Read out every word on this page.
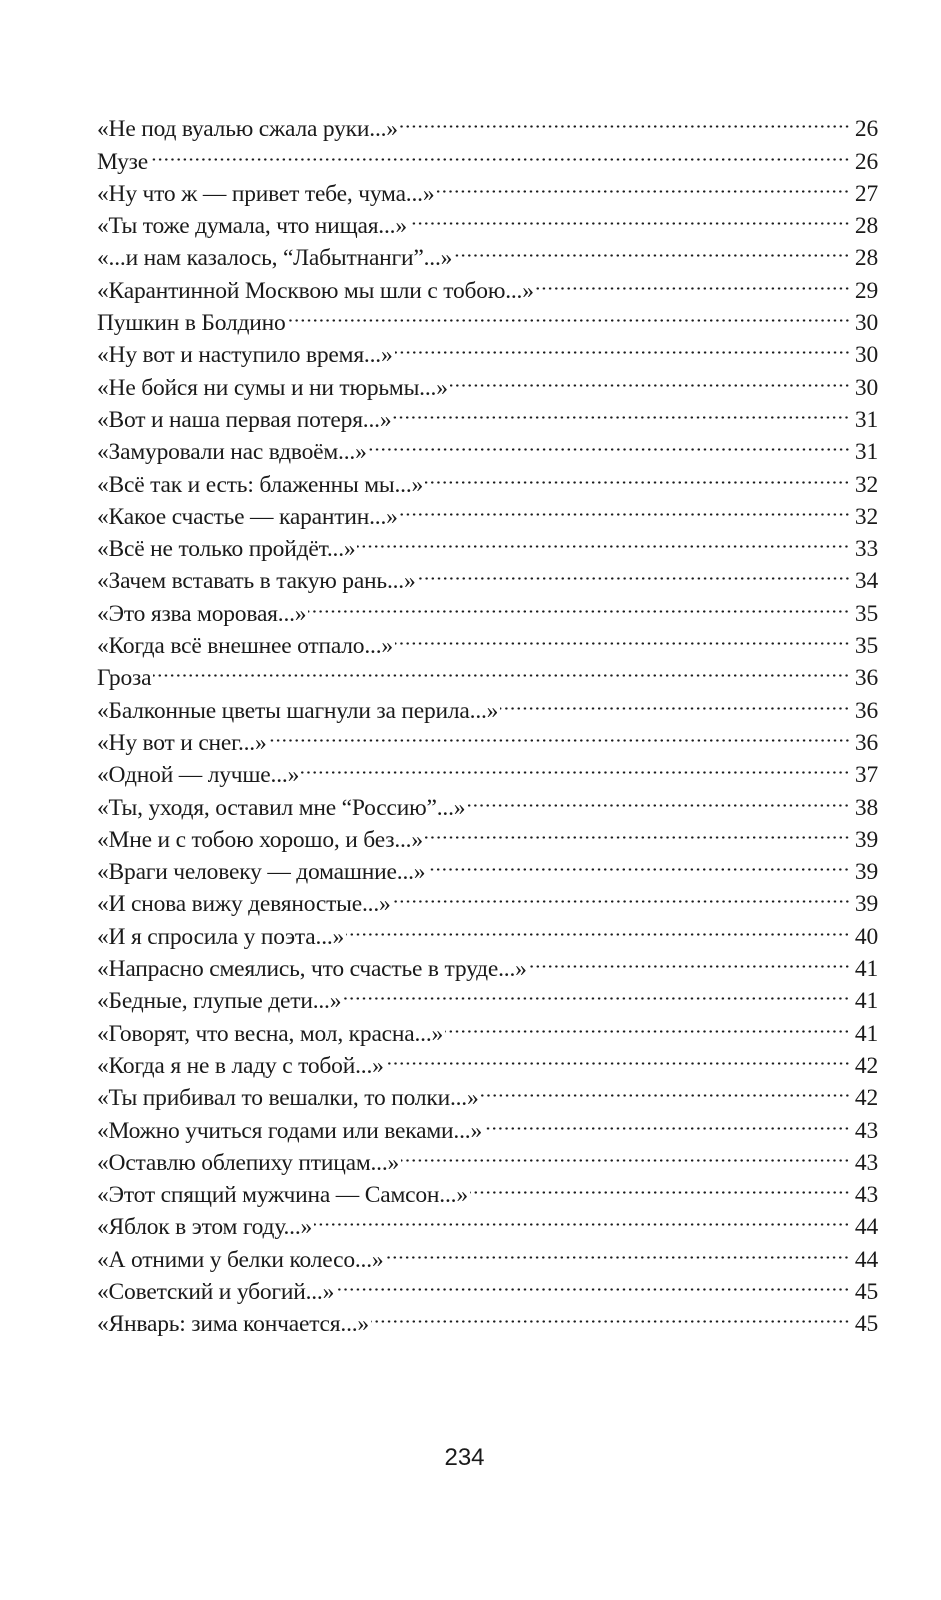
«Не под вуалью сжала руки...»	26
Музе	26
«Ну что ж — привет тебе, чума...»	27
«Ты тоже думала, что нищая...»	28
«...и нам казалось, “Лабытнанги”...»	28
«Карантинной Москвою мы шли с тобою...»	29
Пушкин в Болдино	30
«Ну вот и наступило время...»	30
«Не бойся ни сумы и ни тюрьмы...»	30
«Вот и наша первая потеря...»	31
«Замуровали нас вдвоём...»	31
«Всё так и есть: блаженны мы...»	32
«Какое счастье — карантин...»	32
«Всё не только пройдёт...»	33
«Зачем вставать в такую рань...»	34
«Это язва моровая...»	35
«Когда всё внешнее отпало...»	35
Гроза	36
«Балконные цветы шагнули за перила...»	36
«Ну вот и снег...»	36
«Одной — лучше...»	37
«Ты, уходя, оставил мне “Россию”...»	38
«Мне и с тобою хорошо, и без...»	39
«Враги человеку — домашние...»	39
«И снова вижу девяностые...»	39
«И я спросила у поэта...»	40
«Напрасно смеялись, что счастье в труде...»	41
«Бедные, глупые дети...»	41
«Говорят, что весна, мол, красна...»	41
«Когда я не в ладу с тобой...»	42
«Ты прибивал то вешалки, то полки...»	42
«Можно учиться годами или веками...»	43
«Оставлю облепиху птицам...»	43
«Этот спящий мужчина — Самсон...»	43
«Яблок в этом году...»	44
«А отними у белки колесо...»	44
«Советский и убогий...»	45
«Январь: зима кончается...»	45
234
